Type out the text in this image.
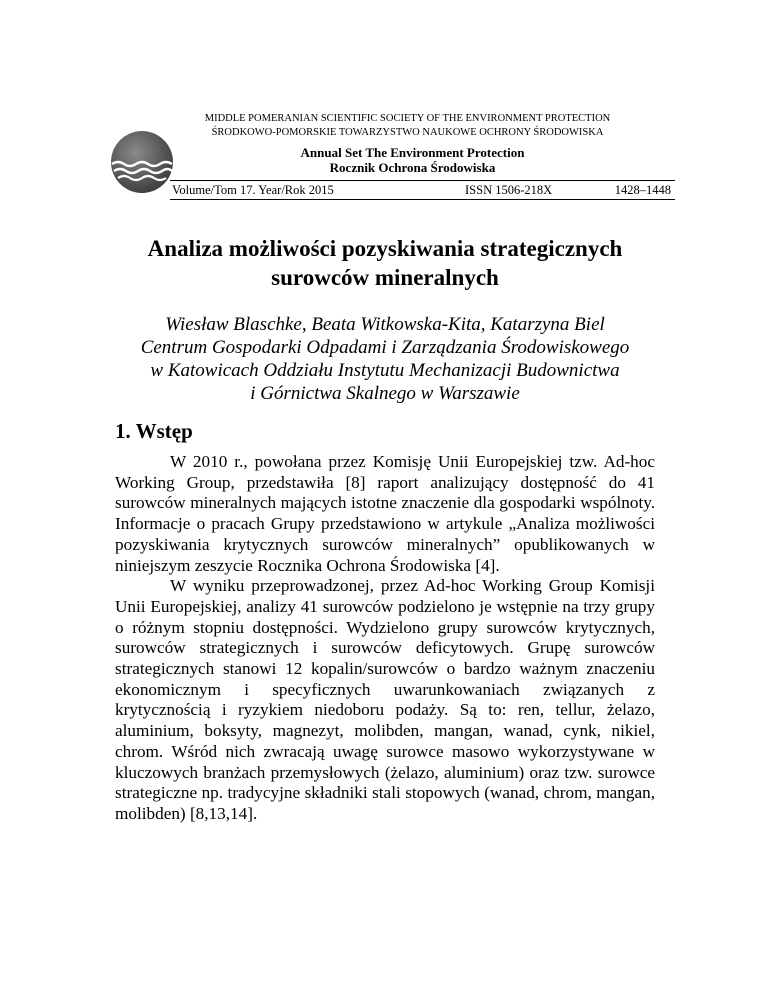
MIDDLE POMERANIAN SCIENTIFIC SOCIETY OF THE ENVIRONMENT PROTECTION
ŚRODKOWO-POMORSKIE TOWARZYSTWO NAUKOWE OCHRONY ŚRODOWISKA
Annual Set The Environment Protection
Rocznik Ochrona Środowiska
Volume/Tom 17. Year/Rok 2015	ISSN 1506-218X	1428–1448
Analiza możliwości pozyskiwania strategicznych
surowców mineralnych
Wiesław Blaschke, Beata Witkowska-Kita, Katarzyna Biel
Centrum Gospodarki Odpadami i Zarządzania Środowiskowego
w Katowicach Oddziału Instytutu Mechanizacji Budownictwa
i Górnictwa Skalnego w Warszawie
1. Wstęp

W 2010 r., powołana przez Komisję Unii Europejskiej tzw. Ad-hoc Working Group, przedstawiła [8] raport analizujący dostępność do 41 surowców mineralnych mających istotne znaczenie dla gospodarki wspólnoty. Informacje o pracach Grupy przedstawiono w artykule „Analiza możliwości pozyskiwania krytycznych surowców mineralnych” opublikowanych w niniejszym zeszycie Rocznika Ochrona Środowiska [4].

W wyniku przeprowadzonej, przez Ad-hoc Working Group Komisji Unii Europejskiej, analizy 41 surowców podzielono je wstępnie na trzy grupy o różnym stopniu dostępności. Wydzielono grupy surowców krytycznych, surowców strategicznych i surowców deficytowych. Grupę surowców strategicznych stanowi 12 kopalin/surowców o bardzo ważnym znaczeniu ekonomicznym i specyficznych uwarunkowaniach związanych z krytycznością i ryzykiem niedoboru podaży. Są to: ren, tellur, żelazo, aluminium, boksyty, magnezyt, molibden, mangan, wanad, cynk, nikiel, chrom. Wśród nich zwracają uwagę surowce masowo wykorzystywane w kluczowych branżach przemysłowych (żelazo, aluminium) oraz tzw. surowce strategiczne np. tradycyjne składniki stali stopowych (wanad, chrom, mangan, molibden) [8,13,14].
